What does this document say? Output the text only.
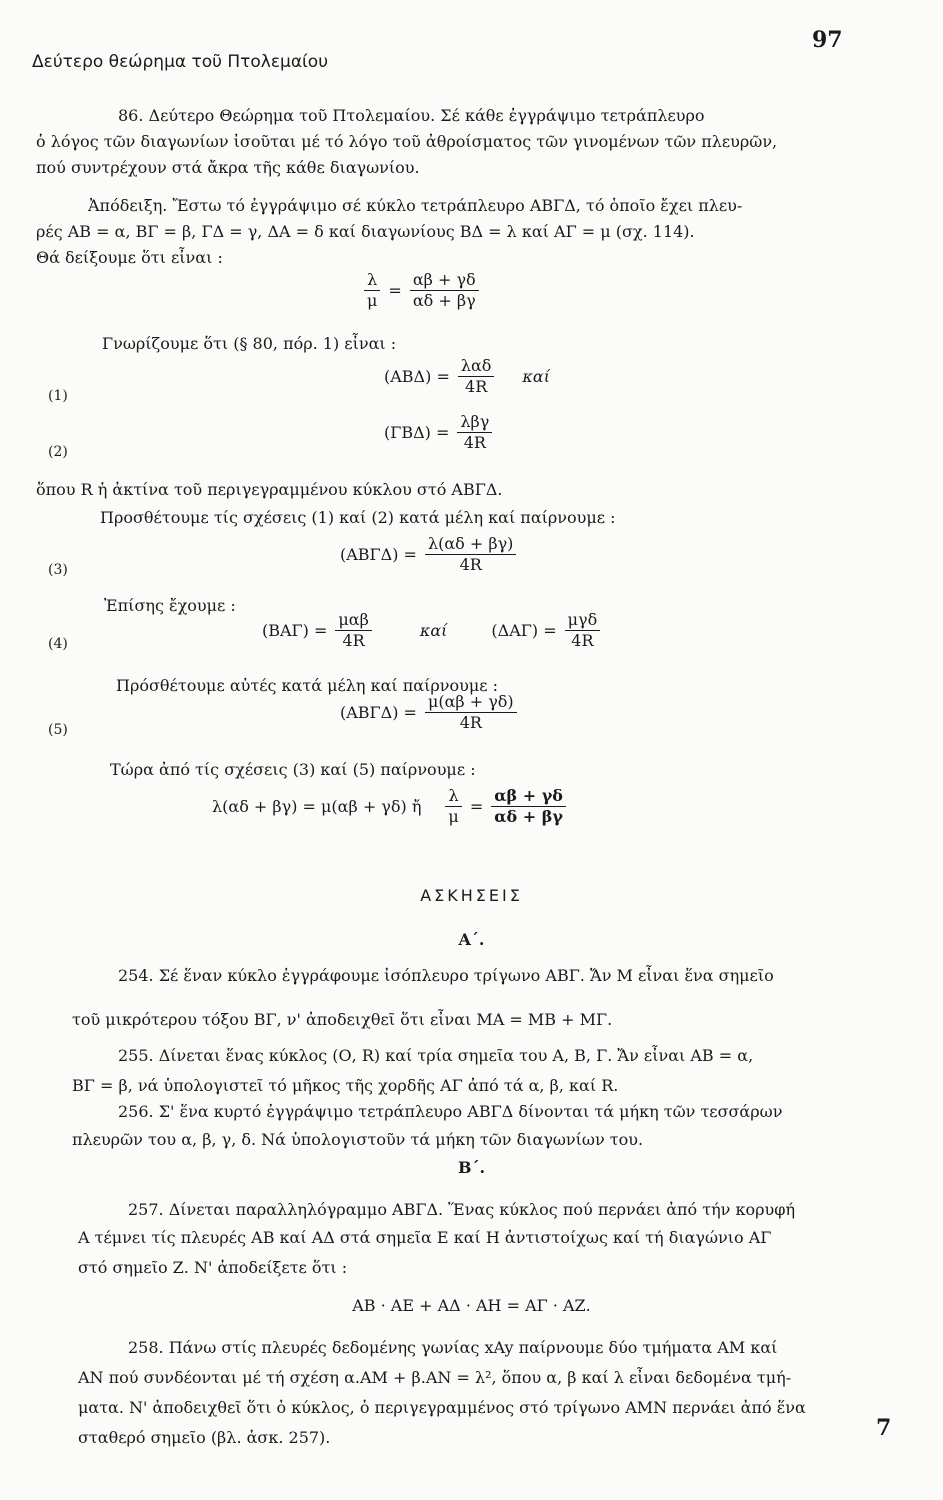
Δεύτερο θεώρημα τοῦ Πτολεμαίου
97
86. Δεύτερο Θεώρημα τοῦ Πτολεμαίου. Σέ κάθε ἐγγράψιμο τετράπλευρο
ὁ λόγος τῶν διαγωνίων ἰσοῦται μέ τό λόγο τοῦ ἀθροίσματος τῶν γινομένων τῶν πλευρῶν,
πού συντρέχουν στά ἄκρα τῆς κάθε διαγωνίου.
Ἀπόδειξη. Ἔστω τό ἐγγράψιμο σέ κύκλο τετράπλευρο ΑΒΓΔ, τό ὁποῖο ἔχει πλευ-
ρές ΑΒ = α, ΒΓ = β, ΓΔ = γ, ΔΑ = δ καί διαγωνίους ΒΔ = λ καί ΑΓ = μ (σχ. 114).
Θά δείξουμε ὅτι εἶναι :
$\frac{\lambda}{\mu} = \frac{\alpha\beta + \gamma\delta}{\alpha\delta + \beta\gamma}$
Γνωρίζουμε ὅτι (§ 80, πόρ. 1) εἶναι :
(1)
$(AB\Delta) = \frac{\text{λαδ}}{4R}$ καί
(2)
$(\Gamma B\Delta) = \frac{\text{λβγ}}{4R}$
ὅπου R ἡ ἀκτίνα τοῦ περιγεγραμμένου κύκλου στό ΑΒΓΔ.
Προσθέτουμε τίς σχέσεις (1) καί (2) κατά μέλη καί παίρνουμε :
(3)
$(AB\Gamma\Delta) = \frac{\lambda(\alpha\delta + \beta\gamma)}{4R}$
Ἐπίσης ἔχουμε :
(4)
$(BA\Gamma) = \frac{\text{μαβ}}{4R}$	καί	$(\Delta A\Gamma) = \frac{\text{μγδ}}{4R}$
Πρόσθέτουμε αὐτές κατά μέλη καί παίρνουμε :
(5)
$(AB\Gamma\Delta) = \frac{\mu(\alpha\beta + \gamma\delta)}{4R}$
Τώρα ἀπό τίς σχέσεις (3) καί (5) παίρνουμε :
λ(αδ + βγ) = μ(αβ + γδ) ἤ $\frac{\lambda}{\mu} = \frac{\alpha\beta + \gamma\delta}{\alpha\delta + \beta\gamma}$
ΑΣΚΗΣΕΙΣ
Α΄.
254. Σέ ἕναν κύκλο ἐγγράφουμε ἰσόπλευρο τρίγωνο ΑΒΓ. Ἄν Μ εἶναι ἕνα σημεῖο
τοῦ μικρότερου τόξου ΒΓ, ν' ἀποδειχθεῖ ὅτι εἶναι ΜΑ = ΜΒ + ΜΓ.
255. Δίνεται ἕνας κύκλος (Ο, R) καί τρία σημεῖα του Α, Β, Γ. Ἄν εἶναι ΑΒ = α,
ΒΓ = β, νά ὑπολογιστεῖ τό μῆκος τῆς χορδῆς ΑΓ ἀπό τά α, β, καί R.
256. Σ' ἕνα κυρτό ἐγγράψιμο τετράπλευρο ΑΒΓΔ δίνονται τά μήκη τῶν τεσσάρων
πλευρῶν του α, β, γ, δ. Νά ὑπολογιστοῦν τά μήκη τῶν διαγωνίων του.
Β΄.
257. Δίνεται παραλληλόγραμμο ΑΒΓΔ. Ἕνας κύκλος πού περνάει ἀπό τήν κορυφή
Α τέμνει τίς πλευρές ΑΒ καί ΑΔ στά σημεῖα Ε καί Η ἀντιστοίχως καί τή διαγώνιο ΑΓ
στό σημεῖο Ζ. Ν' ἀποδείξετε ὅτι :
ΑΒ · ΑΕ + ΑΔ · ΑΗ = ΑΓ · ΑΖ.
258. Πάνω στίς πλευρές δεδομένης γωνίας xAy παίρνουμε δύο τμήματα ΑΜ καί
ΑΝ πού συνδέονται μέ τή σχέση α.ΑΜ + β.ΑΝ = λ², ὅπου α, β καί λ εἶναι δεδομένα τμή-
ματα. Ν' ἀποδειχθεῖ ὅτι ὁ κύκλος, ὁ περιγεγραμμένος στό τρίγωνο ΑΜΝ περνάει ἀπό ἕνα
σταθερό σημεῖο (βλ. ἀσκ. 257).	7
